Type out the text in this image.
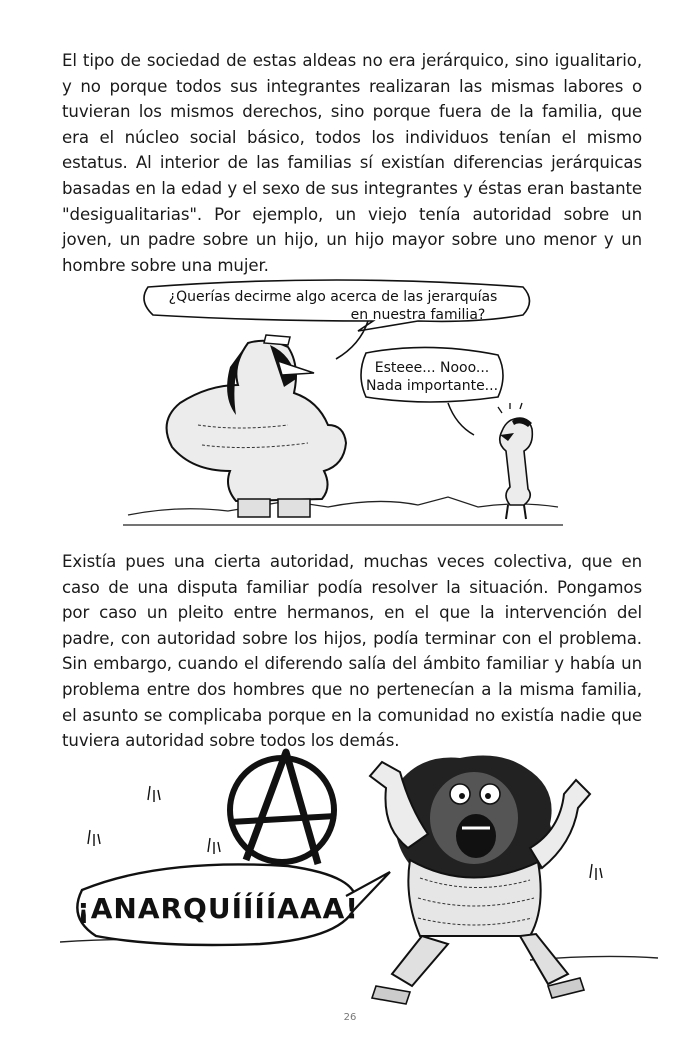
El tipo de sociedad de estas aldeas no era jerárquico, sino igualitario, y no porque todos sus integrantes realizaran las mismas labores o tuvieran los mismos derechos, sino porque fuera de la familia, que era el núcleo social básico, todos los individuos tenían el mismo estatus. Al interior de las familias sí existían diferencias jerárquicas basadas en la edad y el sexo de sus integrantes y éstas eran bastante "desigualitarias". Por ejemplo, un viejo tenía autoridad sobre un joven, un padre sobre un hijo, un hijo mayor sobre uno menor y un hombre sobre una mujer.

¿Querías decirme algo acerca de las jerarquías
en nuestra familia?
Esteee... Nooo...
Nada importante...

Existía pues una cierta autoridad, muchas veces colectiva, que en caso de una disputa familiar podía resolver la situación. Pongamos por caso un pleito entre hermanos, en el que la intervención del padre, con autoridad sobre los hijos, podía terminar con el problema. Sin embargo, cuando el diferendo salía del ámbito familiar y había un problema entre dos hombres que no pertenecían a la misma familia, el asunto se complicaba porque en la comunidad no existía nadie que tuviera autoridad sobre todos los demás.

¡ANARQUÍÍÍÍAAA!
26
